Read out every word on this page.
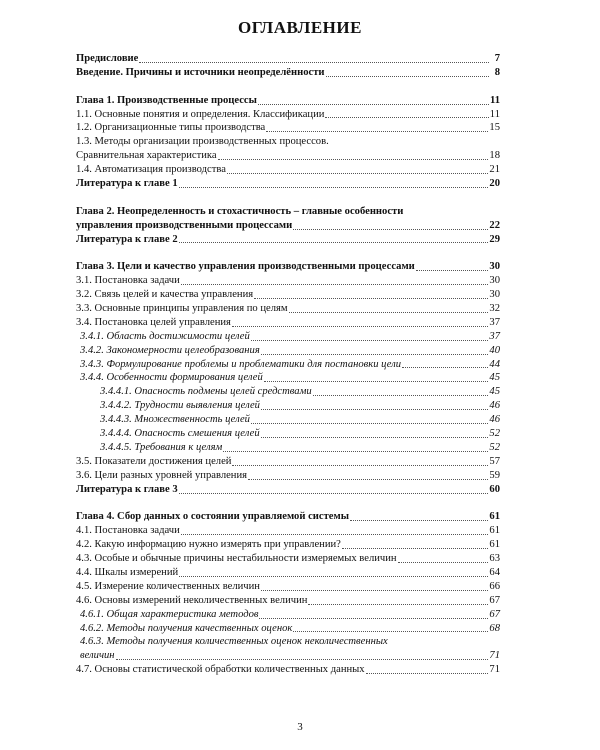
ОГЛАВЛЕНИЕ
Предисловие	7
Введение. Причины и источники неопределённости	8
Глава 1. Производственные процессы	11
1.1. Основные понятия и определения. Классификации	11
1.2. Организационные типы производства	15
1.3. Методы организации производственных процессов.
Сравнительная характеристика	18
1.4. Автоматизация производства	21
Литература к главе 1	20
Глава 2. Неопределенность и стохастичность – главные особенности
управления производственными процессами	22
Литература к главе 2	29
Глава 3. Цели и качество управления производственными процессами	30
3.1. Постановка задачи	30
3.2. Связь целей и качества управления	30
3.3. Основные принципы управления по целям	32
3.4. Постановка целей управления	37
3.4.1. Область достижимости целей	37
3.4.2. Закономерности целеобразования	40
3.4.3. Формулирование проблемы и проблематики для постановки цели	44
3.4.4. Особенности формирования целей	45
3.4.4.1. Опасность подмены целей средствами	45
3.4.4.2. Трудности выявления целей	46
3.4.4.3. Множественность целей	46
3.4.4.4. Опасность смешения целей	52
3.4.4.5. Требования к целям	52
3.5. Показатели достижения целей	57
3.6. Цели разных уровней управления	59
Литература к главе 3	60
Глава 4. Сбор данных о состоянии управляемой системы	61
4.1. Постановка задачи	61
4.2. Какую информацию нужно измерять при управлении?	61
4.3. Особые и обычные причины нестабильности измеряемых величин	63
4.4. Шкалы измерений	64
4.5. Измерение количественных величин	66
4.6. Основы измерений неколичественных величин	67
4.6.1. Общая характеристика методов	67
4.6.2. Методы получения качественных оценок	68
4.6.3. Методы получения количественных оценок неколичественных
величин	71
4.7. Основы статистической обработки количественных данных	71
3
